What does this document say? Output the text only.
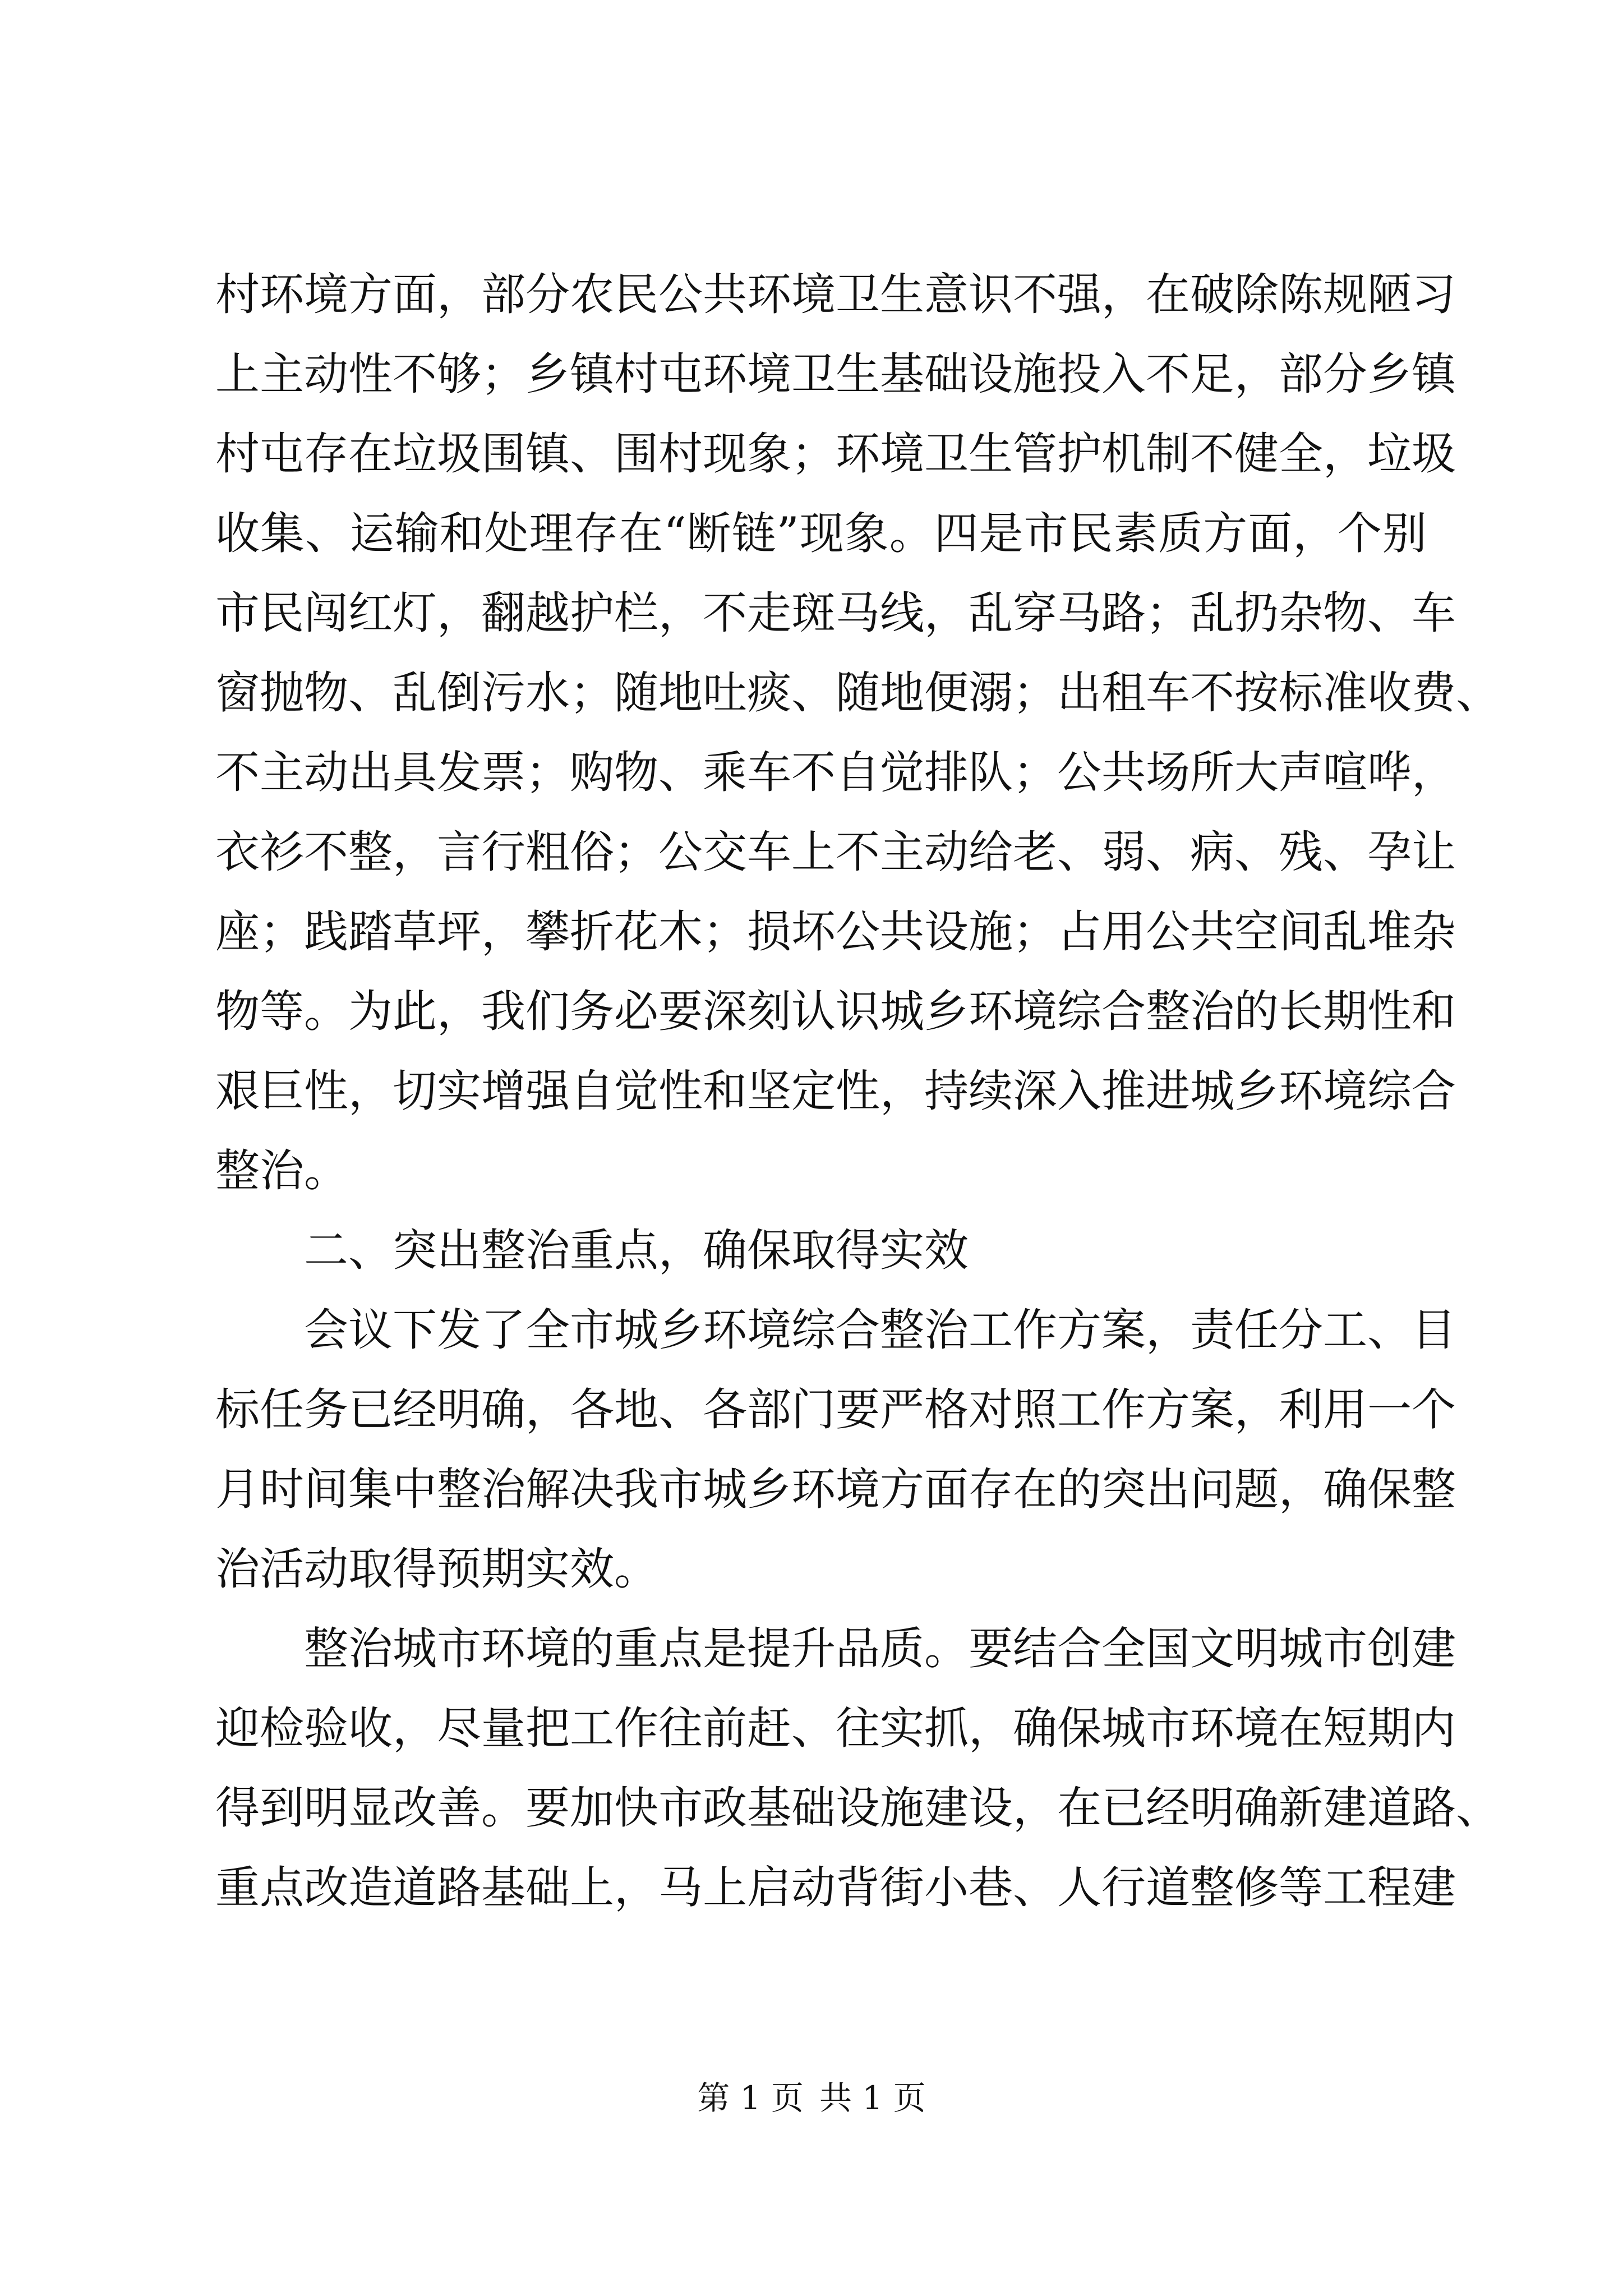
村环境方面，部分农民公共环境卫生意识不强，在破除陈规陋习
上主动性不够；乡镇村屯环境卫生基础设施投入不足，部分乡镇
村屯存在垃圾围镇、围村现象；环境卫生管护机制不健全，垃圾
收集、运输和处理存在“断链”现象。四是市民素质方面，个别
市民闯红灯，翻越护栏，不走斑马线，乱穿马路；乱扔杂物、车
窗抛物、乱倒污水；随地吐痰、随地便溺；出租车不按标准收费、
不主动出具发票；购物、乘车不自觉排队；公共场所大声喧哗，
衣衫不整，言行粗俗；公交车上不主动给老、弱、病、残、孕让
座；践踏草坪，攀折花木；损坏公共设施；占用公共空间乱堆杂
物等。为此，我们务必要深刻认识城乡环境综合整治的长期性和
艰巨性，切实增强自觉性和坚定性，持续深入推进城乡环境综合
整治。
二、突出整治重点，确保取得实效
会议下发了全市城乡环境综合整治工作方案，责任分工、目
标任务已经明确，各地、各部门要严格对照工作方案，利用一个
月时间集中整治解决我市城乡环境方面存在的突出问题，确保整
治活动取得预期实效。
整治城市环境的重点是提升品质。要结合全国文明城市创建
迎检验收，尽量把工作往前赶、往实抓，确保城市环境在短期内
得到明显改善。要加快市政基础设施建设，在已经明确新建道路、
重点改造道路基础上，马上启动背街小巷、人行道整修等工程建
第 1 页 共 1 页
